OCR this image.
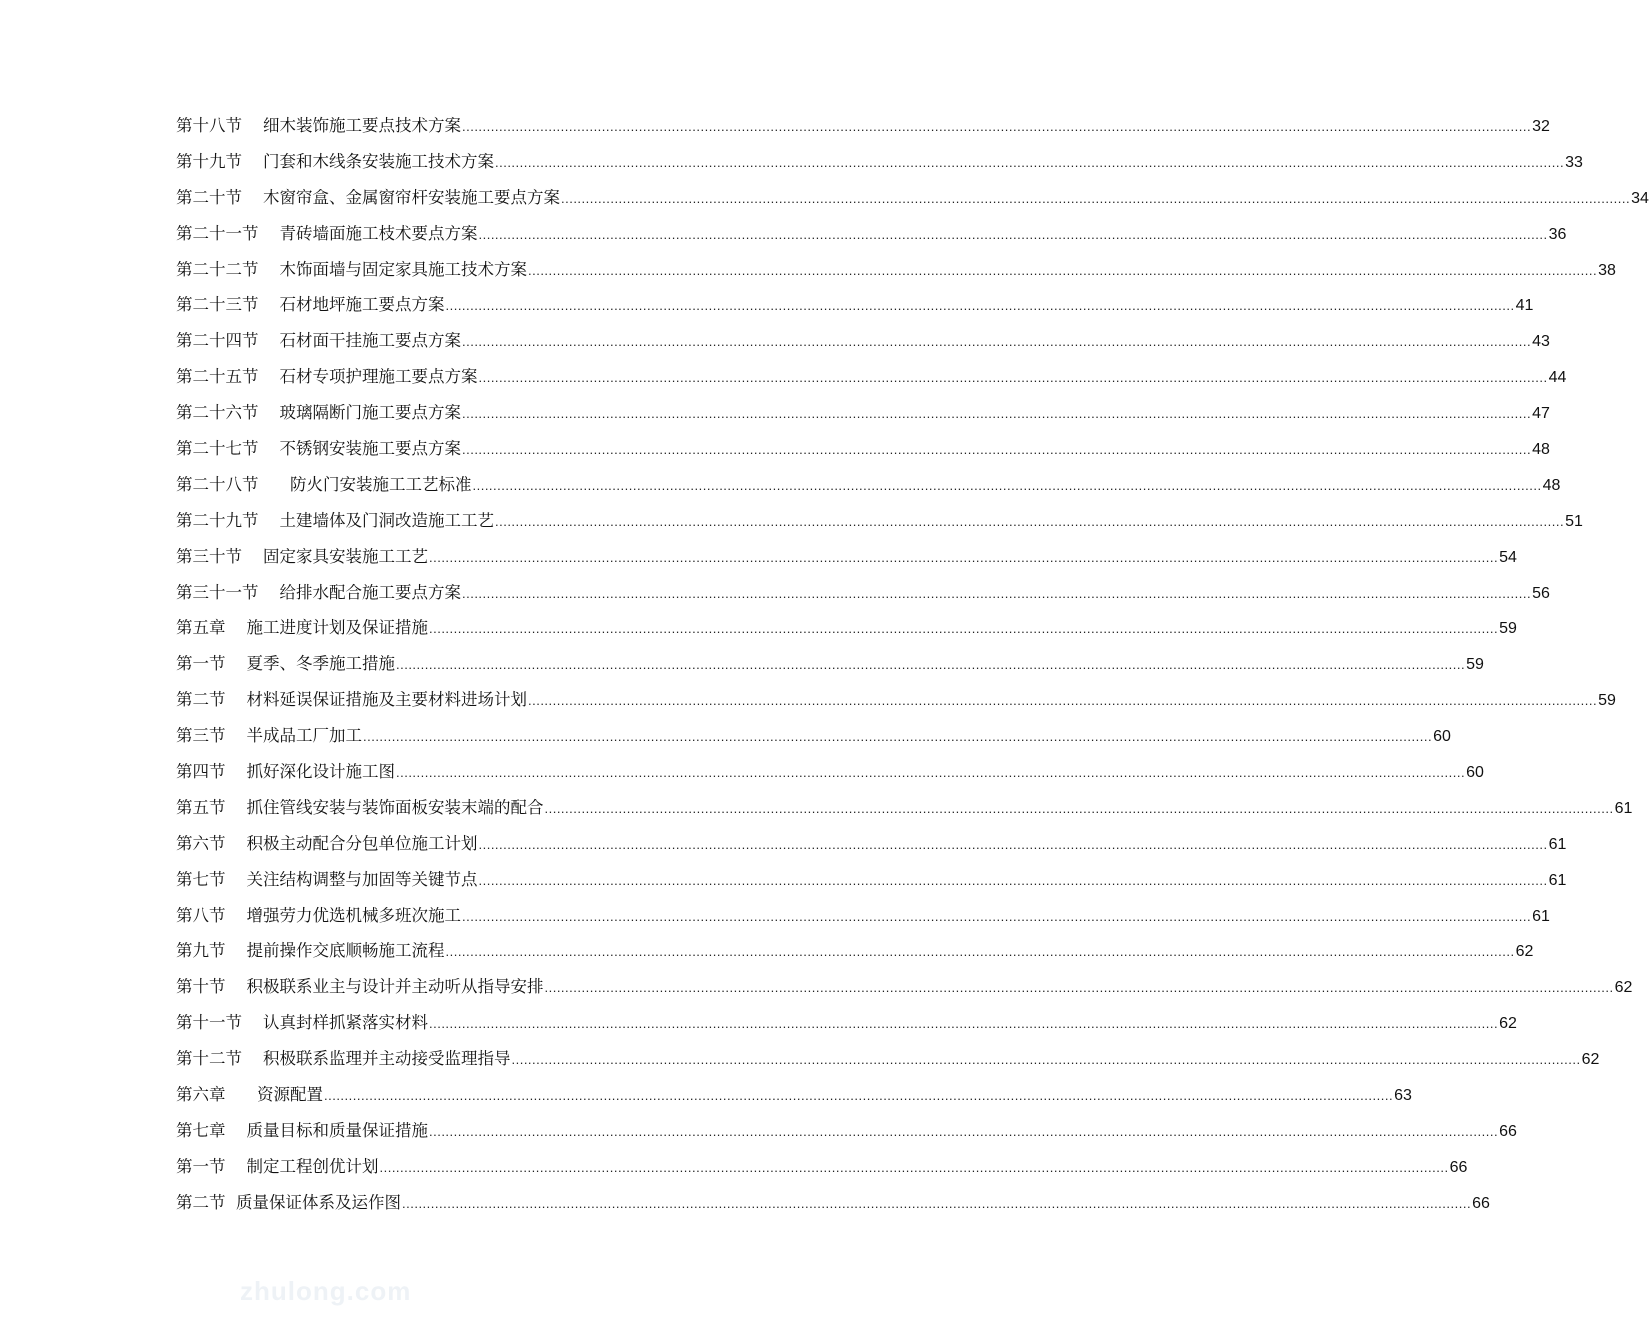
第十八节
细木装饰施工要点技术方案 .................................................................................................................................................................................................................................................................... 32
第十九节
门套和木线条安装施工技术方案 .................................................................................................................................................................................................................................................................... 33
第二十节
木窗帘盒、金属窗帘杆安装施工要点方案 .................................................................................................................................................................................................................................................................... 34
第二十一节
青砖墙面施工枝术要点方案 .................................................................................................................................................................................................................................................................... 36
第二十二节
木饰面墙与固定家具施工技术方案 .................................................................................................................................................................................................................................................................... 38
第二十三节
石材地坪施工要点方案 .................................................................................................................................................................................................................................................................... 41
第二十四节
石材面干挂施工要点方案 .................................................................................................................................................................................................................................................................... 43
第二十五节
石材专项护理施工要点方案 .................................................................................................................................................................................................................................................................... 44
第二十六节
玻璃隔断门施工要点方案 .................................................................................................................................................................................................................................................................... 47
第二十七节
不锈钢安装施工要点方案 .................................................................................................................................................................................................................................................................... 48
第二十八节
防火门安装施工工艺标准 .................................................................................................................................................................................................................................................................... 48
第二十九节
土建墙体及门洞改造施工工艺 .................................................................................................................................................................................................................................................................... 51
第三十节
固定家具安装施工工艺 .................................................................................................................................................................................................................................................................... 54
第三十一节
给排水配合施工要点方案 .................................................................................................................................................................................................................................................................... 56
第五章
施工进度计划及保证措施 .................................................................................................................................................................................................................................................................... 59
第一节
夏季、冬季施工措施 .................................................................................................................................................................................................................................................................... 59
第二节
材料延误保证措施及主要材料进场计划 .................................................................................................................................................................................................................................................................... 59
第三节
半成品工厂加工 .................................................................................................................................................................................................................................................................... 60
第四节
抓好深化设计施工图 .................................................................................................................................................................................................................................................................... 60
第五节
抓住管线安装与装饰面板安装末端的配合 .................................................................................................................................................................................................................................................................... 61
第六节
积极主动配合分包单位施工计划 .................................................................................................................................................................................................................................................................... 61
第七节
关注结构调整与加固等关键节点 .................................................................................................................................................................................................................................................................... 61
第八节
增强劳力优选机械多班次施工 .................................................................................................................................................................................................................................................................... 61
第九节
提前操作交底顺畅施工流程 .................................................................................................................................................................................................................................................................... 62
第十节
积极联系业主与设计并主动听从指导安排 .................................................................................................................................................................................................................................................................... 62
第十一节
认真封样抓紧落实材料 .................................................................................................................................................................................................................................................................... 62
第十二节
积极联系监理并主动接受监理指导 .................................................................................................................................................................................................................................................................... 62
第六章
资源配置 .................................................................................................................................................................................................................................................................... 63
第七章
质量目标和质量保证措施 .................................................................................................................................................................................................................................................................... 66
第一节
制定工程创优计划 .................................................................................................................................................................................................................................................................... 66
第二节
质量保证体系及运作图 .................................................................................................................................................................................................................................................................... 66
zhulong.com
